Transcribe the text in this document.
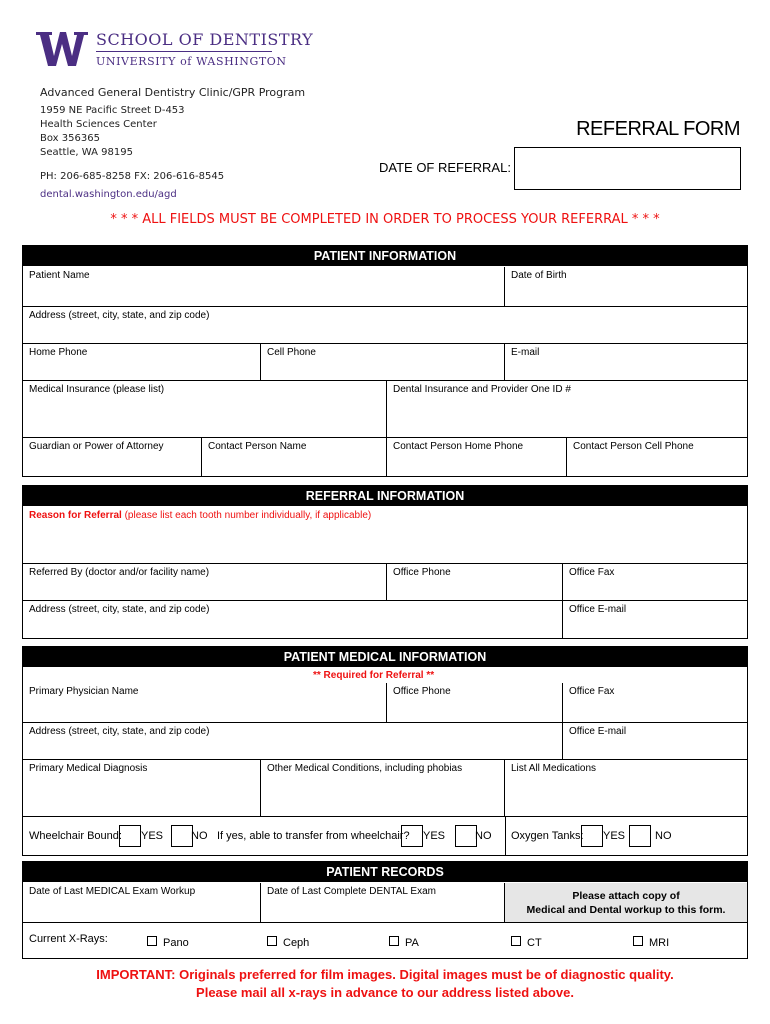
SCHOOL OF DENTISTRY
UNIVERSITY of WASHINGTON
Advanced General Dentistry Clinic/GPR Program
1959 NE Pacific Street D-453
Health Sciences Center
Box 356365
Seattle, WA 98195
PH: 206-685-8258 FX: 206-616-8545
dental.washington.edu/agd
REFERRAL FORM
DATE OF REFERRAL:
* * * ALL FIELDS MUST BE COMPLETED IN ORDER TO PROCESS YOUR REFERRAL * * *
PATIENT INFORMATION
Patient Name	Date of Birth
Address (street, city, state, and zip code)
Home Phone	Cell Phone	E-mail
Medical Insurance (please list)	Dental Insurance and Provider One ID #
Guardian or Power of Attorney	Contact Person Name	Contact Person Home Phone	Contact Person Cell Phone
REFERRAL INFORMATION
Reason for Referral (please list each tooth number individually, if applicable)
Referred By (doctor and/or facility name)	Office Phone	Office Fax
Address (street, city, state, and zip code)	Office E-mail
PATIENT MEDICAL INFORMATION
** Required for Referral **
Primary Physician Name	Office Phone	Office Fax
Address (street, city, state, and zip code)	Office E-mail
Primary Medical Diagnosis	Other Medical Conditions, including phobias	List All Medications
Wheelchair Bound: YES	NO If yes, able to transfer from wheelchair? YES	NO Oxygen Tanks: YES	NO
PATIENT RECORDS
Date of Last MEDICAL Exam Workup	Date of Last Complete DENTAL Exam	Please attach copy of
Medical and Dental workup to this form.
Current X-Rays:	Pano	Ceph	PA	CT	MRI
IMPORTANT: Originals preferred for film images. Digital images must be of diagnostic quality.
Please mail all x-rays in advance to our address listed above.
